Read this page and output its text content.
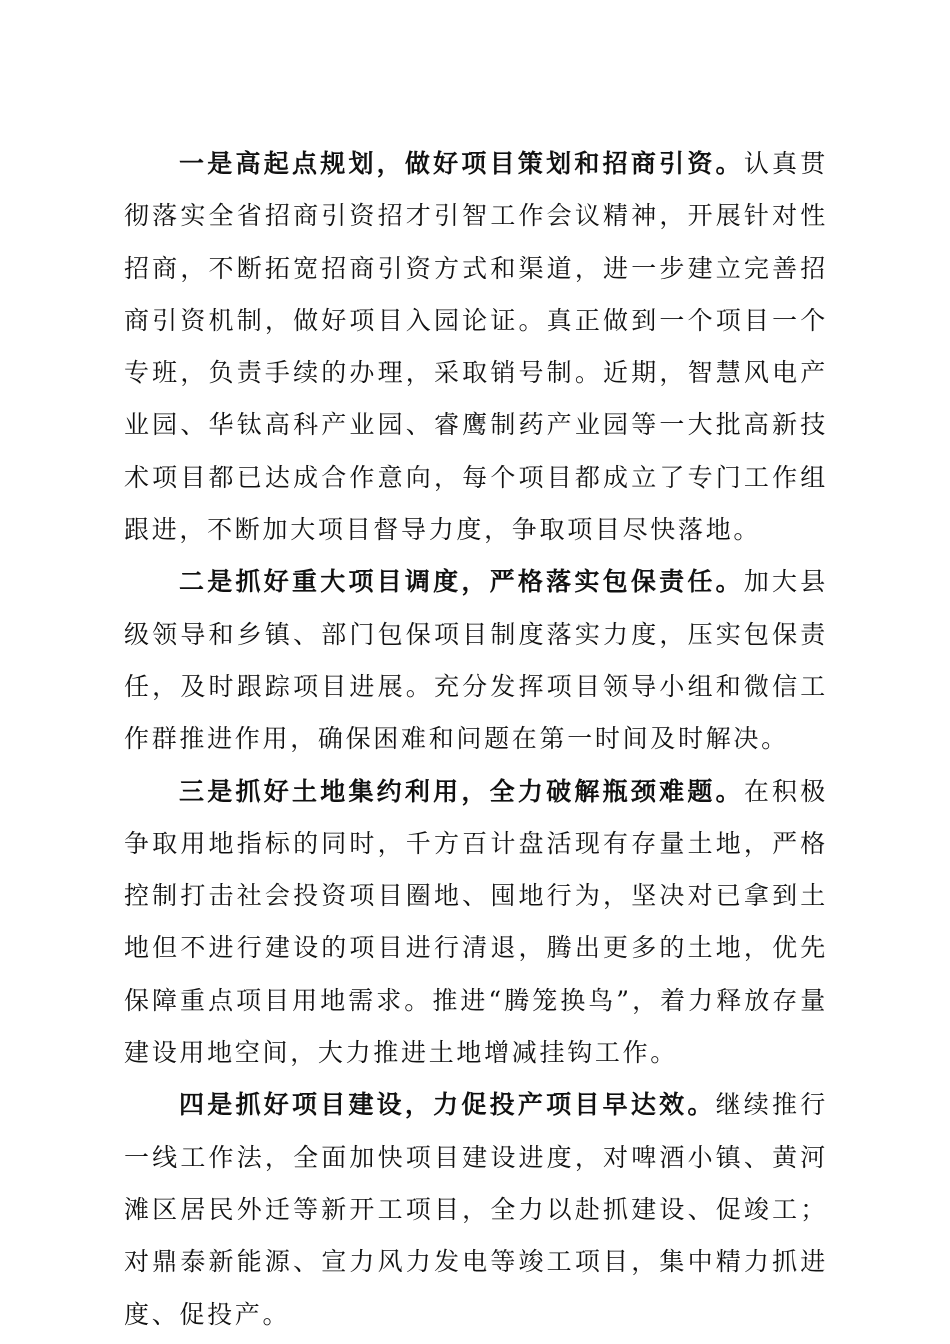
一是高起点规划，做好项目策划和招商引资。认真贯彻落实全省招商引资招才引智工作会议精神，开展针对性招商，不断拓宽招商引资方式和渠道，进一步建立完善招商引资机制，做好项目入园论证。真正做到一个项目一个专班，负责手续的办理，采取销号制。近期，智慧风电产业园、华钛高科产业园、睿鹰制药产业园等一大批高新技术项目都已达成合作意向，每个项目都成立了专门工作组跟进，不断加大项目督导力度，争取项目尽快落地。

二是抓好重大项目调度，严格落实包保责任。加大县级领导和乡镇、部门包保项目制度落实力度，压实包保责任，及时跟踪项目进展。充分发挥项目领导小组和微信工作群推进作用，确保困难和问题在第一时间及时解决。

三是抓好土地集约利用，全力破解瓶颈难题。在积极争取用地指标的同时，千方百计盘活现有存量土地，严格控制打击社会投资项目圈地、囤地行为，坚决对已拿到土地但不进行建设的项目进行清退，腾出更多的土地，优先保障重点项目用地需求。推进“腾笼换鸟”，着力释放存量建设用地空间，大力推进土地增减挂钩工作。

四是抓好项目建设，力促投产项目早达效。继续推行一线工作法，全面加快项目建设进度，对啤酒小镇、黄河滩区居民外迁等新开工项目，全力以赴抓建设、促竣工；对鼎泰新能源、宣力风力发电等竣工项目，集中精力抓进度、促投产。
